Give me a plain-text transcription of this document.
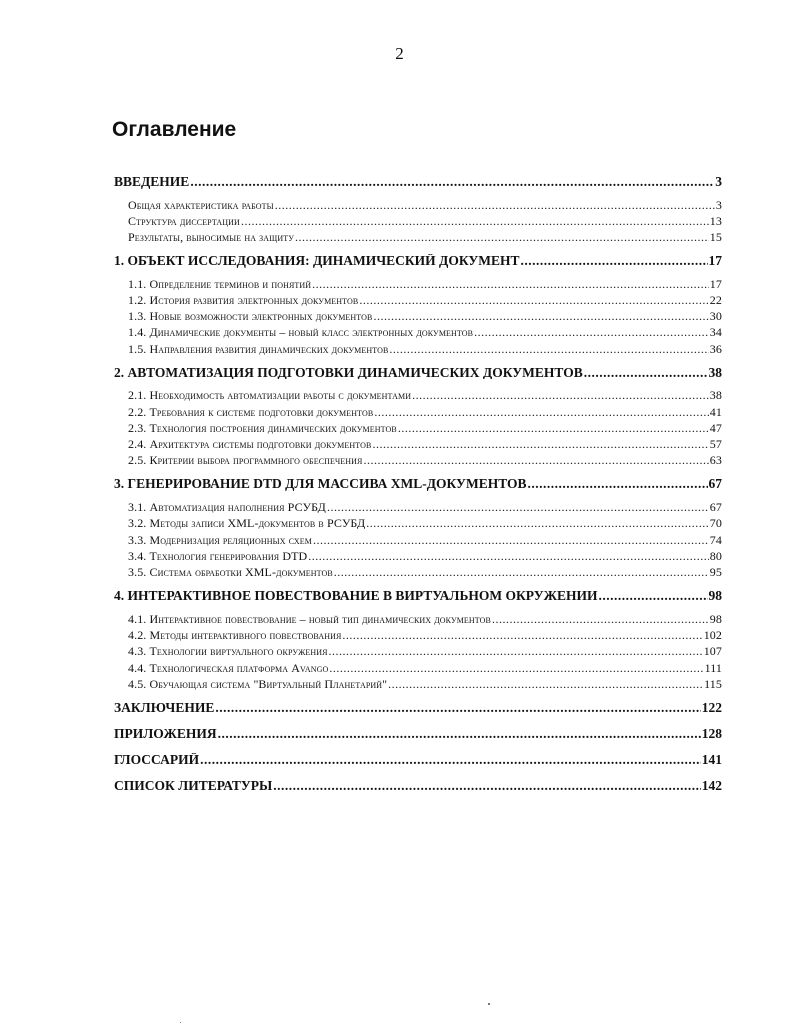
2
Оглавление
ВВЕДЕНИЕ .....	3
Общая характеристика работы .....	3
Структура диссертации .....	13
Результаты, выносимые на защиту .....	15
1. ОБЪЕКТ ИССЛЕДОВАНИЯ: ДИНАМИЧЕСКИЙ ДОКУМЕНТ .....	17
1.1. Определение терминов и понятий .....	17
1.2. История развития электронных документов .....	22
1.3. Новые возможности электронных документов .....	30
1.4. Динамические документы – новый класс электронных документов .....	34
1.5. Направления развития динамических документов .....	36
2. АВТОМАТИЗАЦИЯ ПОДГОТОВКИ ДИНАМИЧЕСКИХ ДОКУМЕНТОВ .....	38
2.1. Необходимость автоматизации работы с документами .....	38
2.2. Требования к системе подготовки документов .....	41
2.3. Технология построения динамических документов .....	47
2.4. Архитектура системы подготовки документов .....	57
2.5. Критерии выбора программного обеспечения .....	63
3. ГЕНЕРИРОВАНИЕ DTD ДЛЯ МАССИВА XML-ДОКУМЕНТОВ .....	67
3.1. Автоматизация наполнения РСУБД .....	67
3.2. Методы записи XML-документов в РСУБД .....	70
3.3. Модернизация реляционных схем .....	74
3.4. Технология генерирования DTD .....	80
3.5. Система обработки XML-документов .....	95
4. ИНТЕРАКТИВНОЕ ПОВЕСТВОВАНИЕ В ВИРТУАЛЬНОМ ОКРУЖЕНИИ .....	98
4.1. Интерактивное повествование – новый тип динамических документов .....	98
4.2. Методы интерактивного повествования .....	102
4.3. Технологии виртуального окружения .....	107
4.4. Технологическая платформа Avango .....	111
4.5. Обучающая система "Виртуальный Планетарий" .....	115
ЗАКЛЮЧЕНИЕ .....	122
ПРИЛОЖЕНИЯ .....	128
ГЛОССАРИЙ .....	141
СПИСОК ЛИТЕРАТУРЫ .....	142
